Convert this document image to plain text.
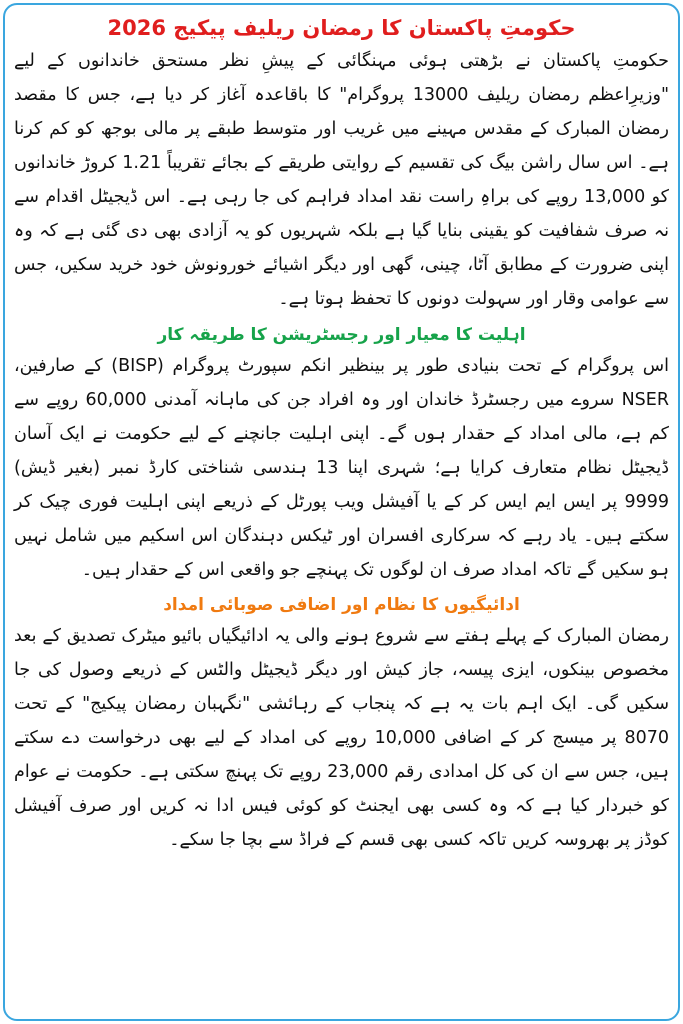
حکومتِ پاکستان کا رمضان ریلیف پیکیج 2026

حکومتِ پاکستان نے بڑھتی ہوئی مہنگائی کے پیشِ نظر مستحق خاندانوں کے لیے "وزیرِاعظم رمضان ریلیف 13000 پروگرام" کا باقاعدہ آغاز کر دیا ہے، جس کا مقصد رمضان المبارک کے مقدس مہینے میں غریب اور متوسط طبقے پر مالی بوجھ کو کم کرنا ہے۔ اس سال راشن بیگ کی تقسیم کے روایتی طریقے کے بجائے تقریباً 1.21 کروڑ خاندانوں کو 13,000 روپے کی براہِ راست نقد امداد فراہم کی جا رہی ہے۔ اس ڈیجیٹل اقدام سے نہ صرف شفافیت کو یقینی بنایا گیا ہے بلکہ شہریوں کو یہ آزادی بھی دی گئی ہے کہ وہ اپنی ضرورت کے مطابق آٹا، چینی، گھی اور دیگر اشیائے خورونوش خود خرید سکیں، جس سے عوامی وقار اور سہولت دونوں کا تحفظ ہوتا ہے۔

اہلیت کا معیار اور رجسٹریشن کا طریقہ کار

اس پروگرام کے تحت بنیادی طور پر بینظیر انکم سپورٹ پروگرام (BISP) کے صارفین، NSER سروے میں رجسٹرڈ خاندان اور وہ افراد جن کی ماہانہ آمدنی 60,000 روپے سے کم ہے، مالی امداد کے حقدار ہوں گے۔ اپنی اہلیت جانچنے کے لیے حکومت نے ایک آسان ڈیجیٹل نظام متعارف کرایا ہے؛ شہری اپنا 13 ہندسی شناختی کارڈ نمبر (بغیر ڈیش) 9999 پر ایس ایم ایس کر کے یا آفیشل ویب پورٹل کے ذریعے اپنی اہلیت فوری چیک کر سکتے ہیں۔ یاد رہے کہ سرکاری افسران اور ٹیکس دہندگان اس اسکیم میں شامل نہیں ہو سکیں گے تاکہ امداد صرف ان لوگوں تک پہنچے جو واقعی اس کے حقدار ہیں۔

ادائیگیوں کا نظام اور اضافی صوبائی امداد

رمضان المبارک کے پہلے ہفتے سے شروع ہونے والی یہ ادائیگیاں بائیو میٹرک تصدیق کے بعد مخصوص بینکوں، ایزی پیسہ، جاز کیش اور دیگر ڈیجیٹل والٹس کے ذریعے وصول کی جا سکیں گی۔ ایک اہم بات یہ ہے کہ پنجاب کے رہائشی "نگہبان رمضان پیکیج" کے تحت 8070 پر میسج کر کے اضافی 10,000 روپے کی امداد کے لیے بھی درخواست دے سکتے ہیں، جس سے ان کی کل امدادی رقم 23,000 روپے تک پہنچ سکتی ہے۔ حکومت نے عوام کو خبردار کیا ہے کہ وہ کسی بھی ایجنٹ کو کوئی فیس ادا نہ کریں اور صرف آفیشل کوڈز پر بھروسہ کریں تاکہ کسی بھی قسم کے فراڈ سے بچا جا سکے۔
